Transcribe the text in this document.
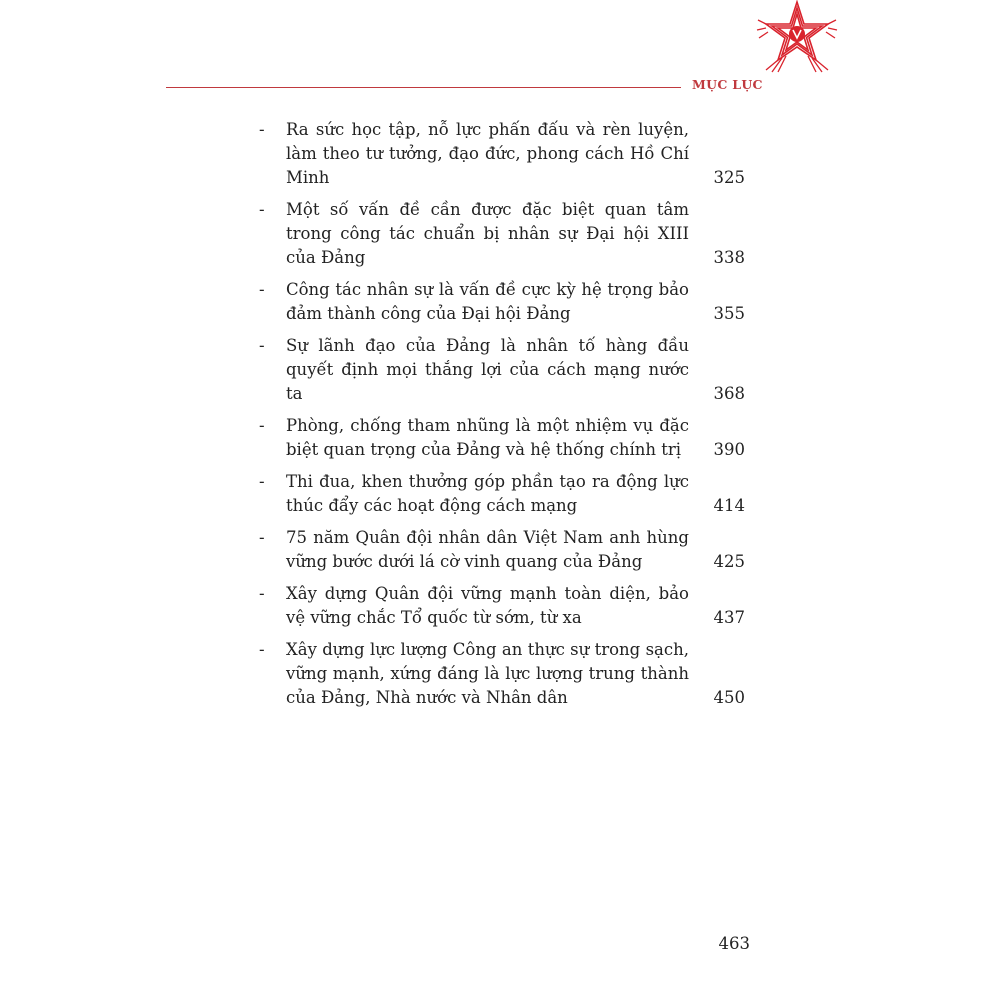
MỤC LỤC
- Ra sức học tập, nỗ lực phấn đấu và rèn luyện, làm theo tư tưởng, đạo đức, phong cách Hồ Chí Minh	325
- Một số vấn đề cần được đặc biệt quan tâm trong công tác chuẩn bị nhân sự Đại hội XIII của Đảng	338
- Công tác nhân sự là vấn đề cực kỳ hệ trọng bảo đảm thành công của Đại hội Đảng	355
- Sự lãnh đạo của Đảng là nhân tố hàng đầu quyết định mọi thắng lợi của cách mạng nước ta	368
- Phòng, chống tham nhũng là một nhiệm vụ đặc biệt quan trọng của Đảng và hệ thống chính trị	390
- Thi đua, khen thưởng góp phần tạo ra động lực thúc đẩy các hoạt động cách mạng	414
- 75 năm Quân đội nhân dân Việt Nam anh hùng vững bước dưới lá cờ vinh quang của Đảng	425
- Xây dựng Quân đội vững mạnh toàn diện, bảo vệ vững chắc Tổ quốc từ sớm, từ xa	437
- Xây dựng lực lượng Công an thực sự trong sạch, vững mạnh, xứng đáng là lực lượng trung thành của Đảng, Nhà nước và Nhân dân	450
463
